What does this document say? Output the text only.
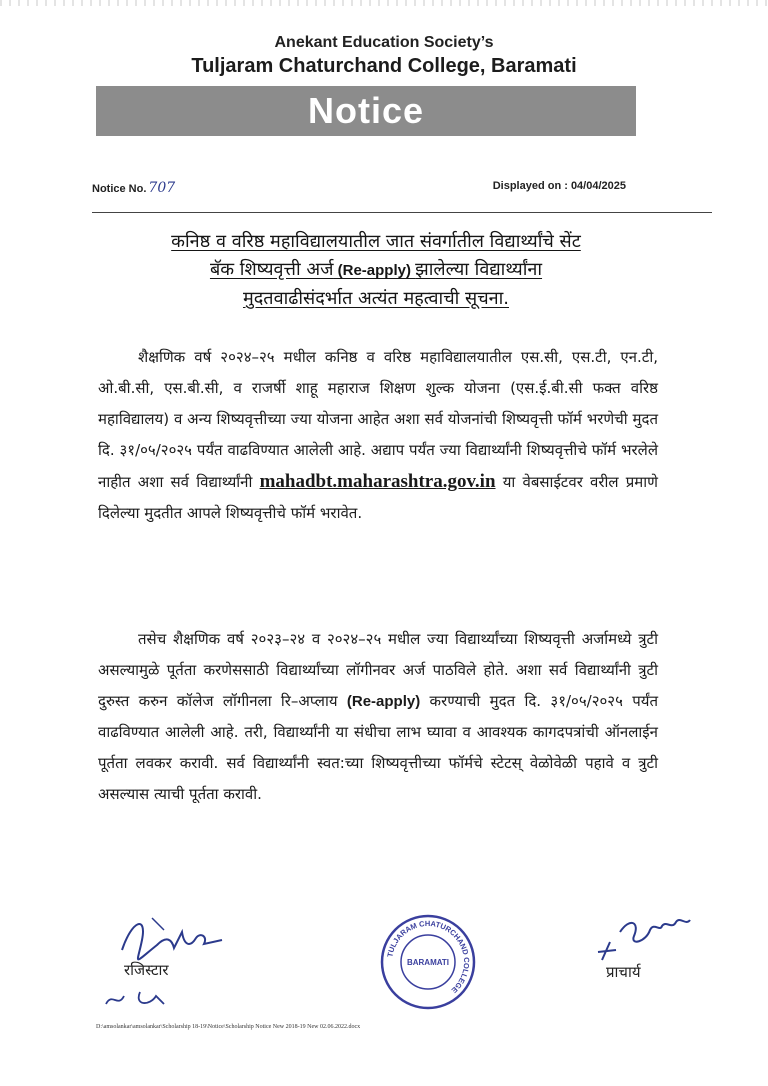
Anekant Education Society’s
Tuljaram Chaturchand College, Baramati
Notice
Notice No. 707	Displayed on : 04/04/2025
कनिष्ठ व वरिष्ठ महाविद्यालयातील जात संवर्गातील विद्यार्थ्यांचे सेंट
बॅक शिष्यवृत्ती अर्ज (Re-apply) झालेल्या विद्यार्थ्यांना
मुदतवाढीसंदर्भात अत्यंत महत्वाची सूचना.
शैक्षणिक वर्ष २०२४–२५ मधील कनिष्ठ व वरिष्ठ महाविद्यालयातील एस.सी, एस.टी, एन.टी, ओ.बी.सी, एस.बी.सी, व राजर्षी शाहू महाराज शिक्षण शुल्क योजना (एस.ई.बी.सी फक्त वरिष्ठ महाविद्यालय) व अन्य शिष्यवृत्तीच्या ज्या योजना आहेत अशा सर्व योजनांची शिष्यवृत्ती फॉर्म भरणेची मुदत दि. ३१/०५/२०२५ पर्यंत वाढविण्यात आलेली आहे. अद्याप पर्यंत ज्या विद्यार्थ्यांनी शिष्यवृत्तीचे फॉर्म भरलेले नाहीत अशा सर्व विद्यार्थ्यांनी mahadbt.maharashtra.gov.in या वेबसाईटवर वरील प्रमाणे दिलेल्या मुदतीत आपले शिष्यवृत्तीचे फॉर्म भरावेत.
तसेच शैक्षणिक वर्ष २०२३–२४ व २०२४–२५ मधील ज्या विद्यार्थ्यांच्या शिष्यवृत्ती अर्जामध्ये त्रुटी असल्यामुळे पूर्तता करणेससाठी विद्यार्थ्यांच्या लॉगीनवर अर्ज पाठविले होते. अशा सर्व विद्यार्थ्यांनी त्रुटी दुरुस्त करुन कॉलेज लॉगीनला रि–अप्लाय (Re-apply) करण्याची मुदत दि. ३१/०५/२०२५ पर्यंत वाढविण्यात आलेली आहे. तरी, विद्यार्थ्यांनी या संधीचा लाभ घ्यावा व आवश्यक कागदपत्रांची ऑनलाईन पूर्तता लवकर करावी. सर्व विद्यार्थ्यांनी स्वत:च्या शिष्यवृत्तीच्या फॉर्मचे स्टेटस् वेळोवेळी पहावे व त्रुटी असल्यास त्याची पूर्तता करावी.
रजिस्टार
TULJARAM CHATURCHAND COLLEGE
BARAMATI
प्राचार्य
D:\amsolankar\amsolankar\Scholarship 18-19\Notice\Scholarship Notice New 2018-19 New 02.06.2022.docx
